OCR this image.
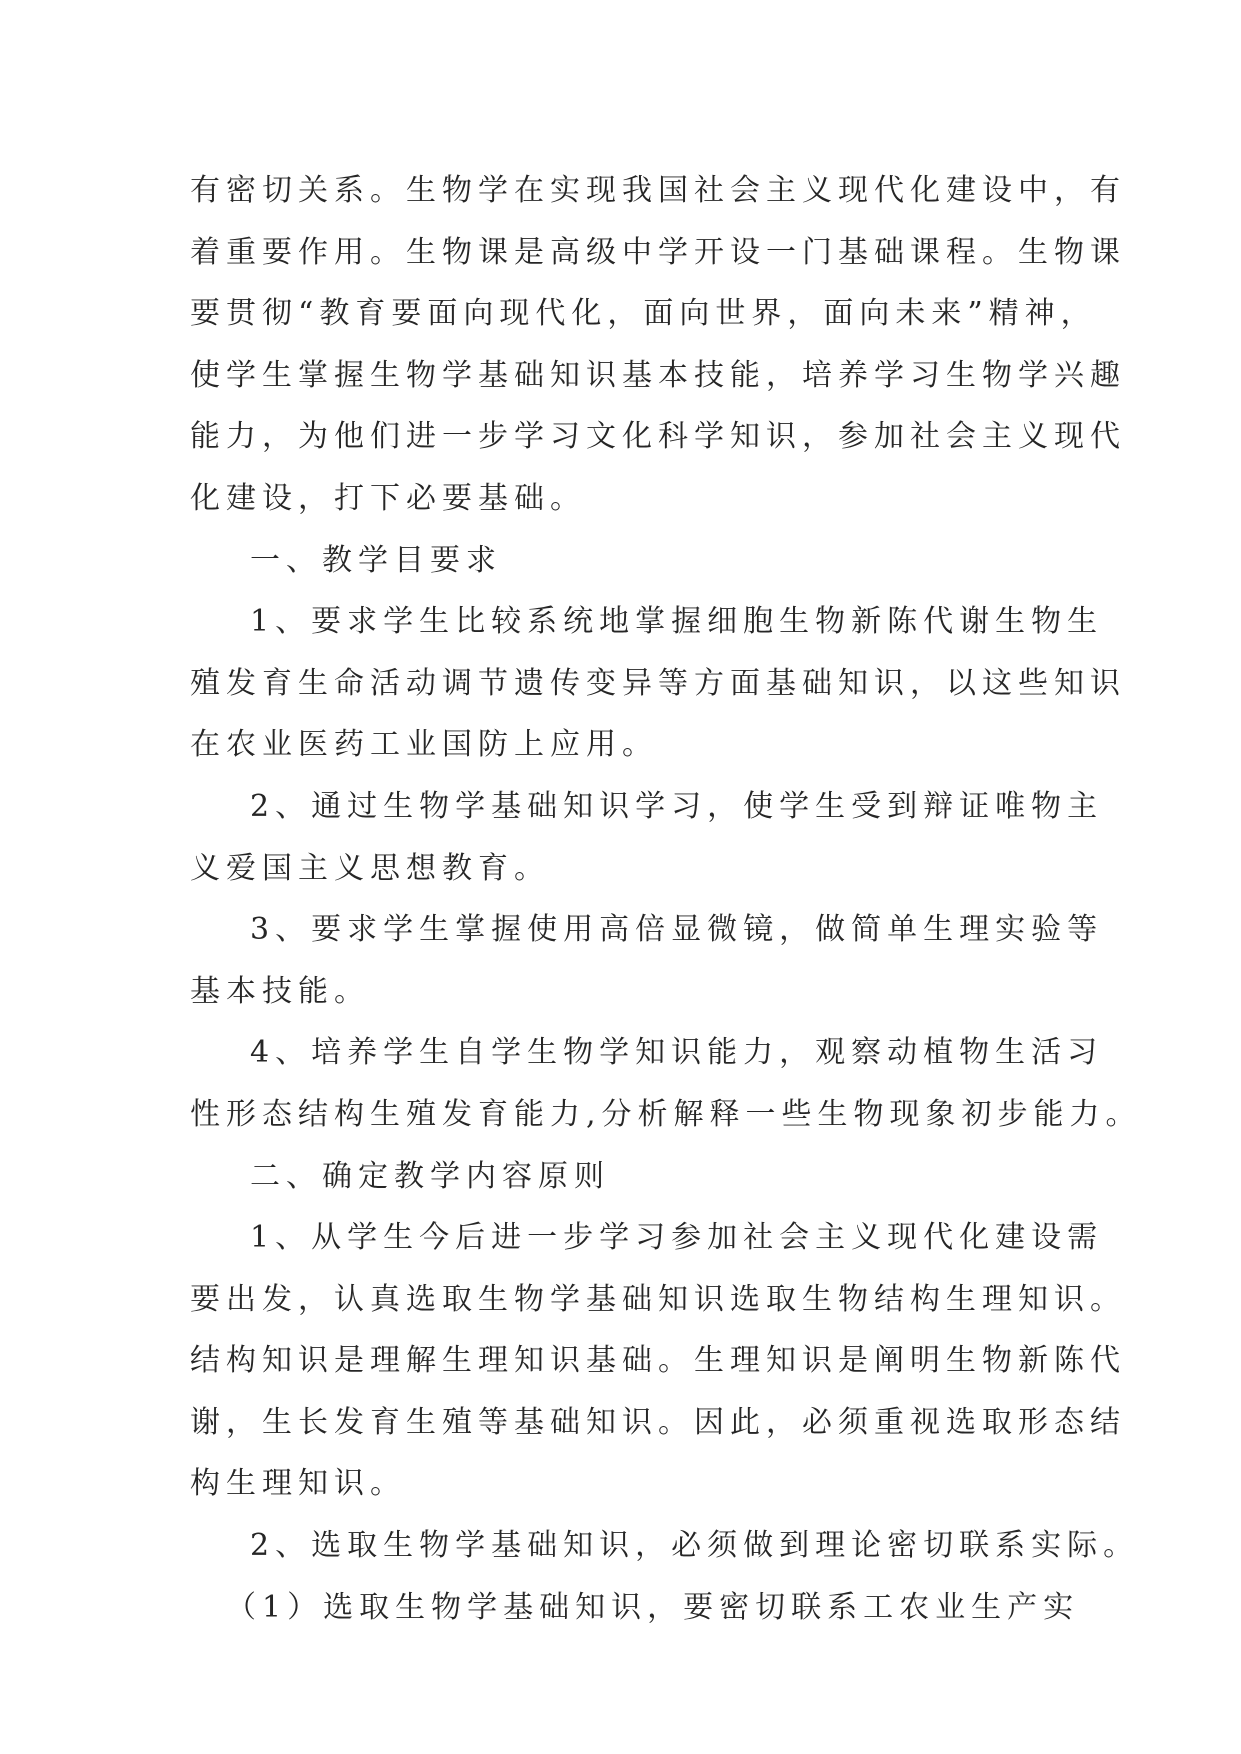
有密切关系。生物学在实现我国社会主义现代化建设中，有
着重要作用。生物课是高级中学开设一门基础课程。生物课
要贯彻“教育要面向现代化，面向世界，面向未来”精神，
使学生掌握生物学基础知识基本技能，培养学习生物学兴趣
能力，为他们进一步学习文化科学知识，参加社会主义现代
化建设，打下必要基础。
一、教学目要求
1、要求学生比较系统地掌握细胞生物新陈代谢生物生
殖发育生命活动调节遗传变异等方面基础知识，以这些知识
在农业医药工业国防上应用。
2、通过生物学基础知识学习，使学生受到辩证唯物主
义爱国主义思想教育。
3、要求学生掌握使用高倍显微镜，做简单生理实验等
基本技能。
4、培养学生自学生物学知识能力，观察动植物生活习
性形态结构生殖发育能力,分析解释一些生物现象初步能力。
二、确定教学内容原则
1、从学生今后进一步学习参加社会主义现代化建设需
要出发，认真选取生物学基础知识选取生物结构生理知识。
结构知识是理解生理知识基础。生理知识是阐明生物新陈代
谢，生长发育生殖等基础知识。因此，必须重视选取形态结
构生理知识。
2、选取生物学基础知识，必须做到理论密切联系实际。
（1）选取生物学基础知识，要密切联系工农业生产实
